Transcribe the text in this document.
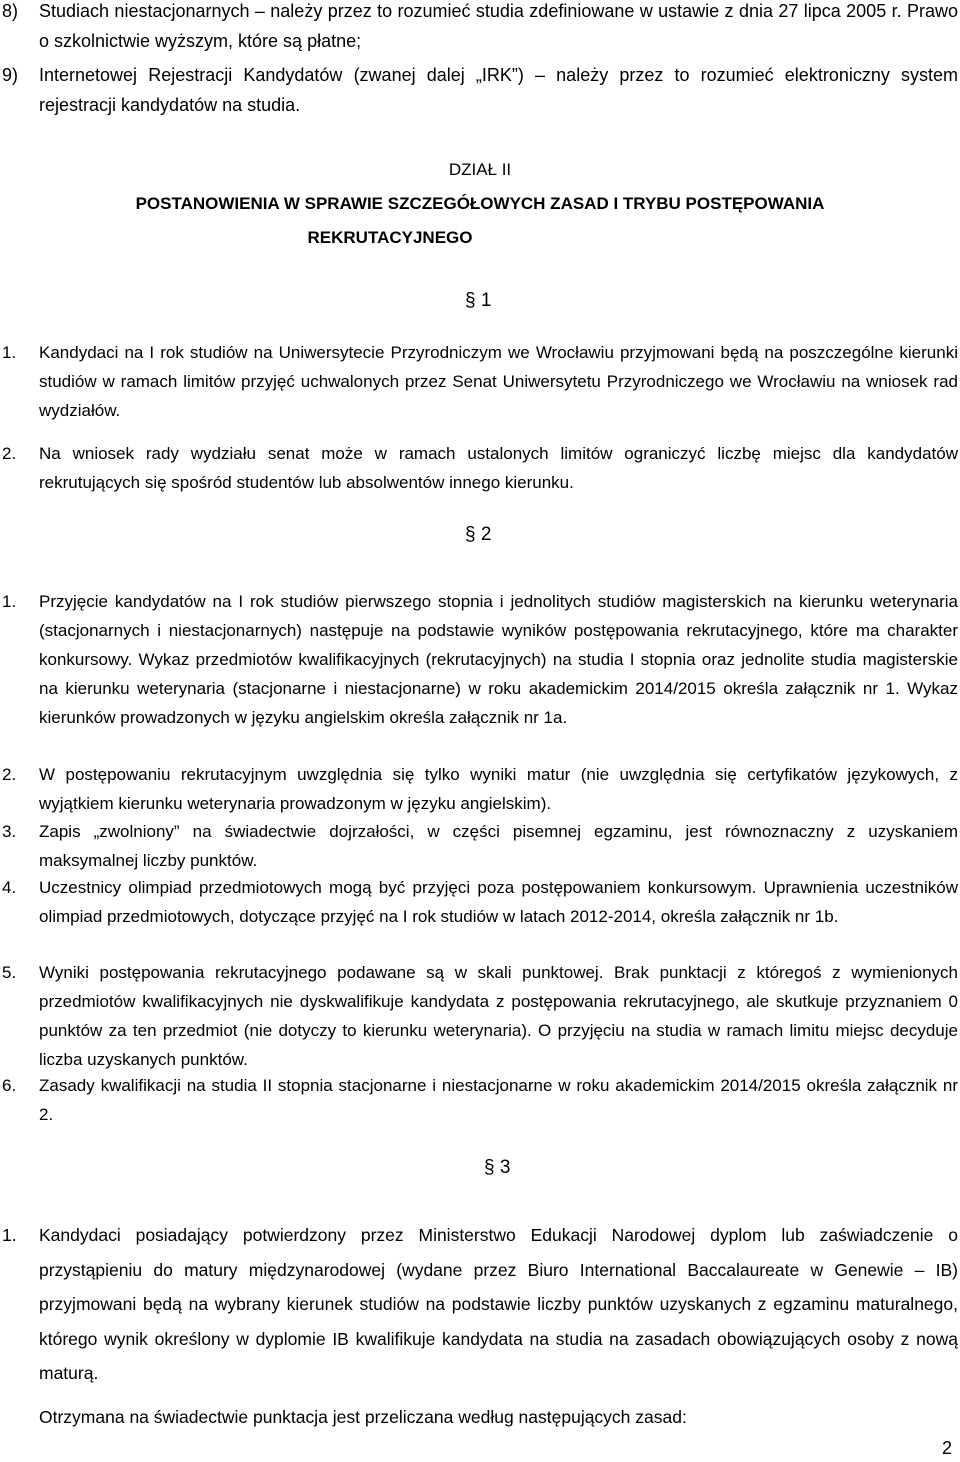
8)	Studiach niestacjonarnych – należy przez to rozumieć studia zdefiniowane w ustawie z dnia 27 lipca 2005 r. Prawo o szkolnictwie wyższym, które są płatne;
9)	Internetowej Rejestracji Kandydatów (zwanej dalej „IRK”) – należy przez to rozumieć elektroniczny system rejestracji kandydatów na studia.
DZIAŁ II
POSTANOWIENIA W SPRAWIE SZCZEGÓŁOWYCH ZASAD I TRYBU POSTĘPOWANIA
REKRUTACYJNEGO
§ 1
1.	Kandydaci na I rok studiów na Uniwersytecie Przyrodniczym we Wrocławiu przyjmowani będą na poszczególne kierunki studiów w ramach limitów przyjęć uchwalonych przez Senat Uniwersytetu Przyrodniczego we Wrocławiu na wniosek rad wydziałów.
2.	Na wniosek rady wydziału senat może w ramach ustalonych limitów ograniczyć liczbę miejsc dla kandydatów rekrutujących się spośród studentów lub absolwentów innego kierunku.
§ 2
1.	Przyjęcie kandydatów na I rok studiów pierwszego stopnia i jednolitych studiów magisterskich na kierunku weterynaria (stacjonarnych i niestacjonarnych) następuje na podstawie wyników postępowania rekrutacyjnego, które ma charakter konkursowy. Wykaz przedmiotów kwalifikacyjnych (rekrutacyjnych) na studia I stopnia oraz jednolite studia magisterskie na kierunku weterynaria (stacjonarne i niestacjonarne) w roku akademickim 2014/2015 określa załącznik nr 1. Wykaz kierunków prowadzonych w języku angielskim określa załącznik nr 1a.
2.	W postępowaniu rekrutacyjnym uwzględnia się tylko wyniki matur (nie uwzględnia się certyfikatów językowych, z wyjątkiem kierunku weterynaria prowadzonym w języku angielskim).
3.	Zapis „zwolniony” na świadectwie dojrzałości, w części pisemnej egzaminu, jest równoznaczny z uzyskaniem maksymalnej liczby punktów.
4.	Uczestnicy olimpiad przedmiotowych mogą być przyjęci poza postępowaniem konkursowym. Uprawnienia uczestników olimpiad przedmiotowych, dotyczące przyjęć na I rok studiów w latach 2012-2014, określa załącznik nr 1b.
5.	Wyniki postępowania rekrutacyjnego podawane są w skali punktowej. Brak punktacji z któregoś z wymienionych przedmiotów kwalifikacyjnych nie dyskwalifikuje kandydata z postępowania rekrutacyjnego, ale skutkuje przyznaniem 0 punktów za ten przedmiot (nie dotyczy to kierunku weterynaria). O przyjęciu na studia w ramach limitu miejsc decyduje liczba uzyskanych punktów.
6.	Zasady kwalifikacji na studia II stopnia stacjonarne i niestacjonarne w roku akademickim 2014/2015 określa załącznik nr 2.
§ 3
1.	Kandydaci posiadający potwierdzony przez Ministerstwo Edukacji Narodowej dyplom lub zaświadczenie o przystąpieniu do matury międzynarodowej (wydane przez Biuro International Baccalaureate w Genewie – IB) przyjmowani będą na wybrany kierunek studiów na podstawie liczby punktów uzyskanych z egzaminu maturalnego, którego wynik określony w dyplomie IB kwalifikuje kandydata na studia na zasadach obowiązujących osoby z nową maturą.
Otrzymana na świadectwie punktacja jest przeliczana według następujących zasad:
2
